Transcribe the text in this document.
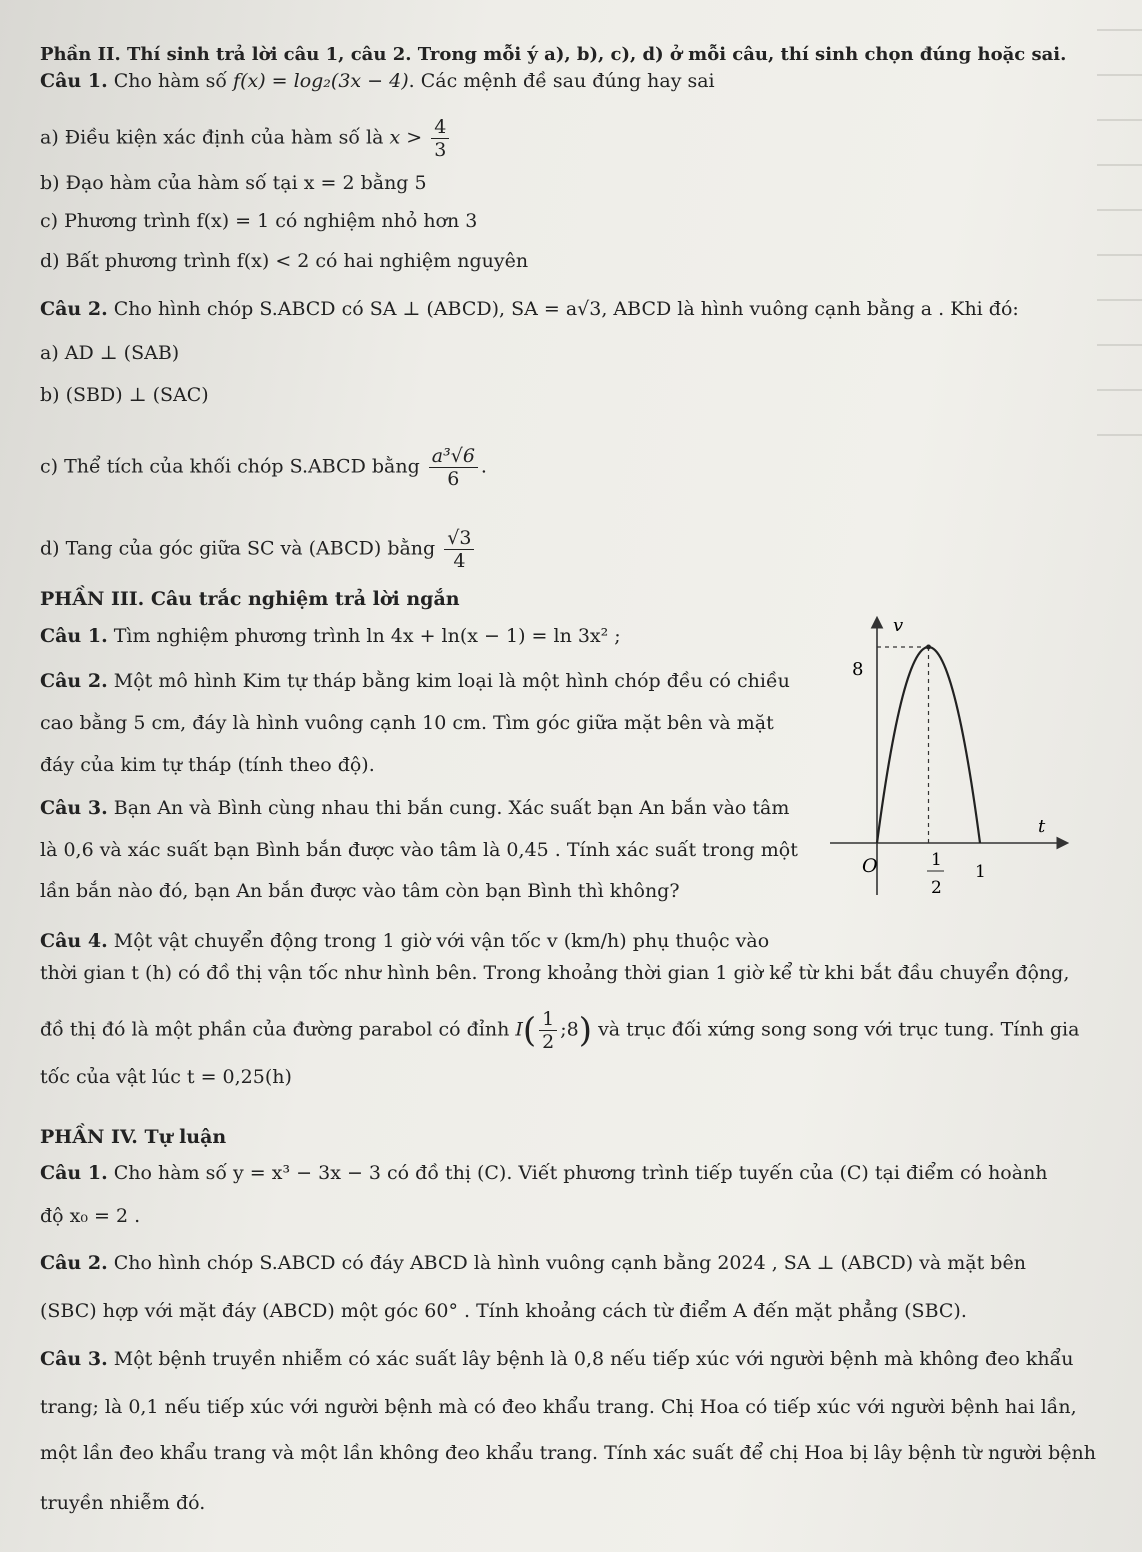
Phần II. Thí sinh trả lời câu 1, câu 2. Trong mỗi ý a), b), c), d) ở mỗi câu, thí sinh chọn đúng hoặc sai.
Câu 1. Cho hàm số f(x) = log₂(3x − 4). Các mệnh đề sau đúng hay sai
a) Điều kiện xác định của hàm số là $x > \frac{4}{3}$
b) Đạo hàm của hàm số tại x = 2 bằng 5
c) Phương trình f(x) = 1 có nghiệm nhỏ hơn 3
d) Bất phương trình f(x) < 2 có hai nghiệm nguyên
Câu 2. Cho hình chóp S.ABCD có SA ⊥ (ABCD), SA = a√3, ABCD là hình vuông cạnh bằng a . Khi đó:
a) AD ⊥ (SAB)
b) (SBD) ⊥ (SAC)
c) Thể tích của khối chóp S.ABCD bằng $\frac{\text{a³√6}}{6}$ .
d) Tang của góc giữa SC và (ABCD) bằng $\frac{√3}{4}$
PHẦN III. Câu trắc nghiệm trả lời ngắn
Câu 1. Tìm nghiệm phương trình ln 4x + ln(x − 1) = ln 3x² ;
Câu 2. Một mô hình Kim tự tháp bằng kim loại là một hình chóp đều có chiều
cao bằng 5 cm, đáy là hình vuông cạnh 10 cm. Tìm góc giữa mặt bên và mặt
đáy của kim tự tháp (tính theo độ).
Câu 3. Bạn An và Bình cùng nhau thi bắn cung. Xác suất bạn An bắn vào tâm
là 0,6 và xác suất bạn Bình bắn được vào tâm là 0,45 . Tính xác suất trong một
lần bắn nào đó, bạn An bắn được vào tâm còn bạn Bình thì không?
Câu 4. Một vật chuyển động trong 1 giờ với vận tốc v (km/h) phụ thuộc vào
thời gian t (h) có đồ thị vận tốc như hình bên. Trong khoảng thời gian 1 giờ kể từ khi bắt đầu chuyển động,
đồ thị đó là một phần của đường parabol có đỉnh $I( \frac{1}{2}$ ;8) và trục đối xứng song song với trục tung. Tính gia
tốc của vật lúc t = 0,25(h)
PHẦN IV. Tự luận
Câu 1. Cho hàm số y = x³ − 3x − 3 có đồ thị (C). Viết phương trình tiếp tuyến của (C) tại điểm có hoành
độ x₀ = 2 .
Câu 2. Cho hình chóp S.ABCD có đáy ABCD là hình vuông cạnh bằng 2024 , SA ⊥ (ABCD) và mặt bên
(SBC) hợp với mặt đáy (ABCD) một góc 60° . Tính khoảng cách từ điểm A đến mặt phẳng (SBC).
Câu 3. Một bệnh truyền nhiễm có xác suất lây bệnh là 0,8 nếu tiếp xúc với người bệnh mà không đeo khẩu
trang; là 0,1 nếu tiếp xúc với người bệnh mà có đeo khẩu trang. Chị Hoa có tiếp xúc với người bệnh hai lần,
một lần đeo khẩu trang và một lần không đeo khẩu trang. Tính xác suất để chị Hoa bị lây bệnh từ người bệnh
truyền nhiễm đó.
v
t
O
8
1
2
1
